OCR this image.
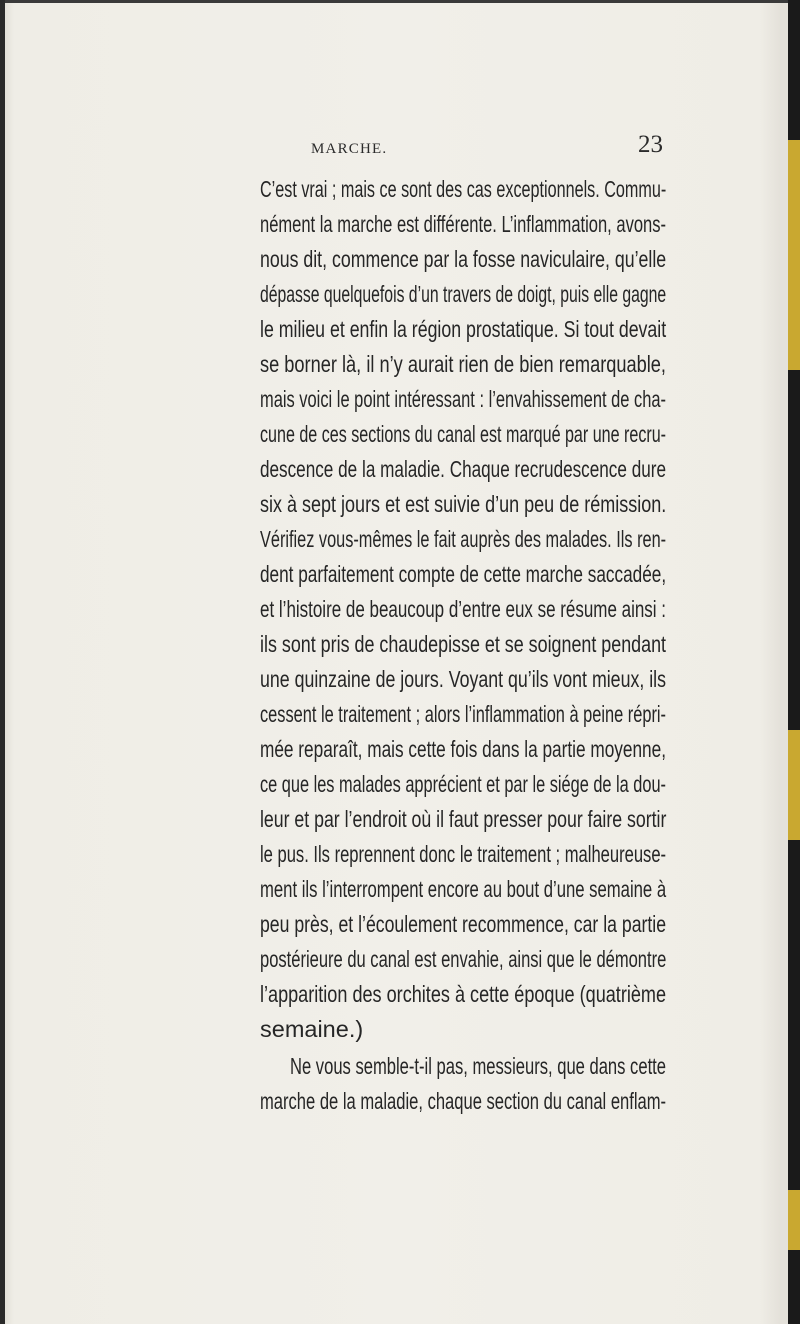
MARCHE.	23
C’est vrai ; mais ce sont des cas exceptionnels. Commu-
nément la marche est différente. L’inflammation, avons-
nous dit, commence par la fosse naviculaire, qu’elle
dépasse quelquefois d’un travers de doigt, puis elle gagne
le milieu et enfin la région prostatique. Si tout devait
se borner là, il n’y aurait rien de bien remarquable,
mais voici le point intéressant : l’envahissement de cha-
cune de ces sections du canal est marqué par une recru-
descence de la maladie. Chaque recrudescence dure
six à sept jours et est suivie d’un peu de rémission.
Vérifiez vous-mêmes le fait auprès des malades. Ils ren-
dent parfaitement compte de cette marche saccadée,
et l’histoire de beaucoup d’entre eux se résume ainsi :
ils sont pris de chaudepisse et se soignent pendant
une quinzaine de jours. Voyant qu’ils vont mieux, ils
cessent le traitement ; alors l’inflammation à peine répri-
mée reparaît, mais cette fois dans la partie moyenne,
ce que les malades apprécient et par le siége de la dou-
leur et par l’endroit où il faut presser pour faire sortir
le pus. Ils reprennent donc le traitement ; malheureuse-
ment ils l’interrompent encore au bout d’une semaine à
peu près, et l’écoulement recommence, car la partie
postérieure du canal est envahie, ainsi que le démontre
l’apparition des orchites à cette époque (quatrième
semaine.)
Ne vous semble-t-il pas, messieurs, que dans cette
marche de la maladie, chaque section du canal enflam-
